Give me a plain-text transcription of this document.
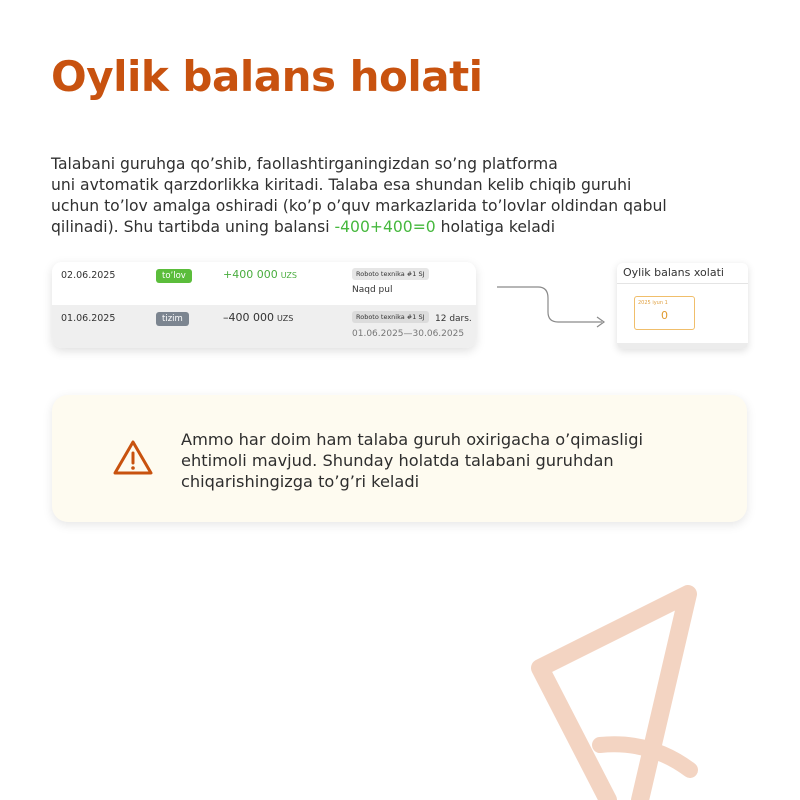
Oylik balans holati

Talabani guruhga qo’shib, faollashtirganingizdan so’ng platforma
uni avtomatik qarzdorlikka kiritadi. Talaba esa shundan kelib chiqib guruhi
uchun to’lov amalga oshiradi (ko’p o’quv markazlarida to’lovlar oldindan qabul
qilinadi). Shu tartibda uning balansi -400+400=0 holatiga keladi

02.06.2025	to’lov	+400 000 UZS	Roboto texnika #1 SJ
Naqd pul
01.06.2025	tizim	–400 000 UZS	Roboto texnika #1 SJ	12 dars.
01.06.2025—30.06.2025
Oylik balans xolati
2025 iyun 1
0
Ammo har doim ham talaba guruh oxirigacha o’qimasligi
ehtimoli mavjud. Shunday holatda talabani guruhdan
chiqarishingizga to’g’ri keladi
